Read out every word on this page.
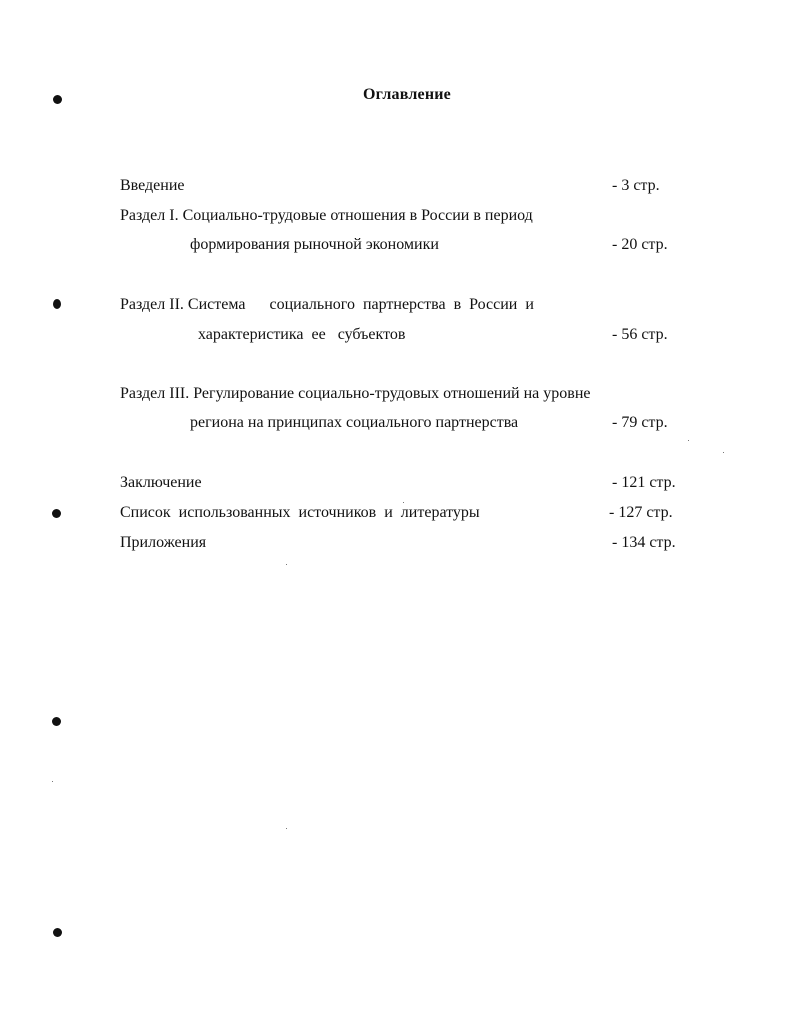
Оглавление
Введение	- 3 стр.
Раздел I. Социально-трудовые отношения в России в период
формирования рыночной экономики	- 20 стр.
Раздел II. Система      социального  партнерства  в  России  и
характеристика  ее   субъектов	- 56 стр.
Раздел III. Регулирование социально-трудовых отношений на уровне
региона на принципах социального партнерства	- 79 стр.
Заключение	- 121 стр.
Список  использованных  источников  и  литературы	- 127 стр.
Приложения	- 134 стр.
